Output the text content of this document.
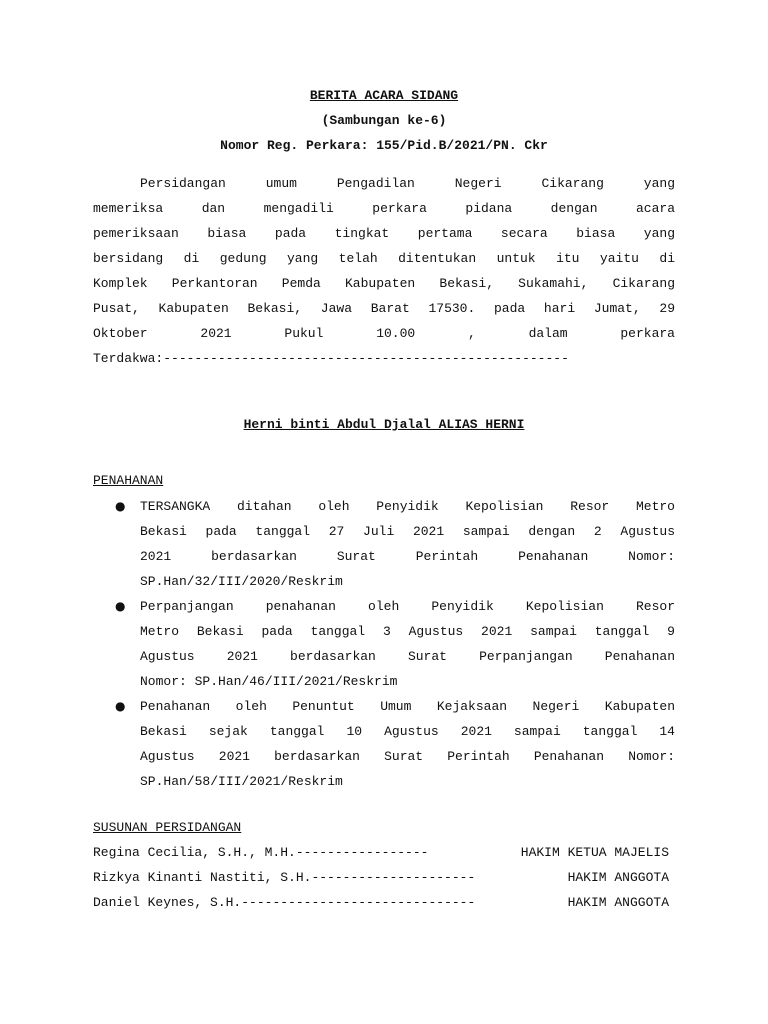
BERITA ACARA SIDANG
(Sambungan ke-6)
Nomor Reg. Perkara: 155/Pid.B/2021/PN. Ckr
Persidangan umum Pengadilan Negeri Cikarang yang
memeriksa dan mengadili perkara pidana dengan acara
pemeriksaan biasa pada tingkat pertama secara biasa yang
bersidang di gedung yang telah ditentukan untuk itu yaitu di
Komplek Perkantoran Pemda Kabupaten Bekasi, Sukamahi, Cikarang
Pusat, Kabupaten Bekasi, Jawa Barat 17530. pada hari Jumat, 29
Oktober 2021 Pukul 10.00 , dalam perkara
Terdakwa:----------------------------------------------------
Herni binti Abdul Djalal ALIAS HERNI
PENAHANAN
● TERSANGKA ditahan oleh Penyidik Kepolisian Resor Metro
Bekasi pada tanggal 27 Juli 2021 sampai dengan 2 Agustus
2021 berdasarkan Surat Perintah Penahanan Nomor:
SP.Han/32/III/2020/Reskrim
● Perpanjangan penahanan oleh Penyidik Kepolisian Resor
Metro Bekasi pada tanggal 3 Agustus 2021 sampai tanggal 9
Agustus 2021 berdasarkan Surat Perpanjangan Penahanan
Nomor: SP.Han/46/III/2021/Reskrim
● Penahanan oleh Penuntut Umum Kejaksaan Negeri Kabupaten
Bekasi sejak tanggal 10 Agustus 2021 sampai tanggal 14
Agustus 2021 berdasarkan Surat Perintah Penahanan Nomor:
SP.Han/58/III/2021/Reskrim
SUSUNAN PERSIDANGAN
Regina Cecilia, S.H., M.H. -----------------	HAKIM KETUA MAJELIS
Rizkya Kinanti Nastiti, S.H. ---------------------	HAKIM ANGGOTA
Daniel Keynes, S.H. ------------------------------	HAKIM ANGGOTA
